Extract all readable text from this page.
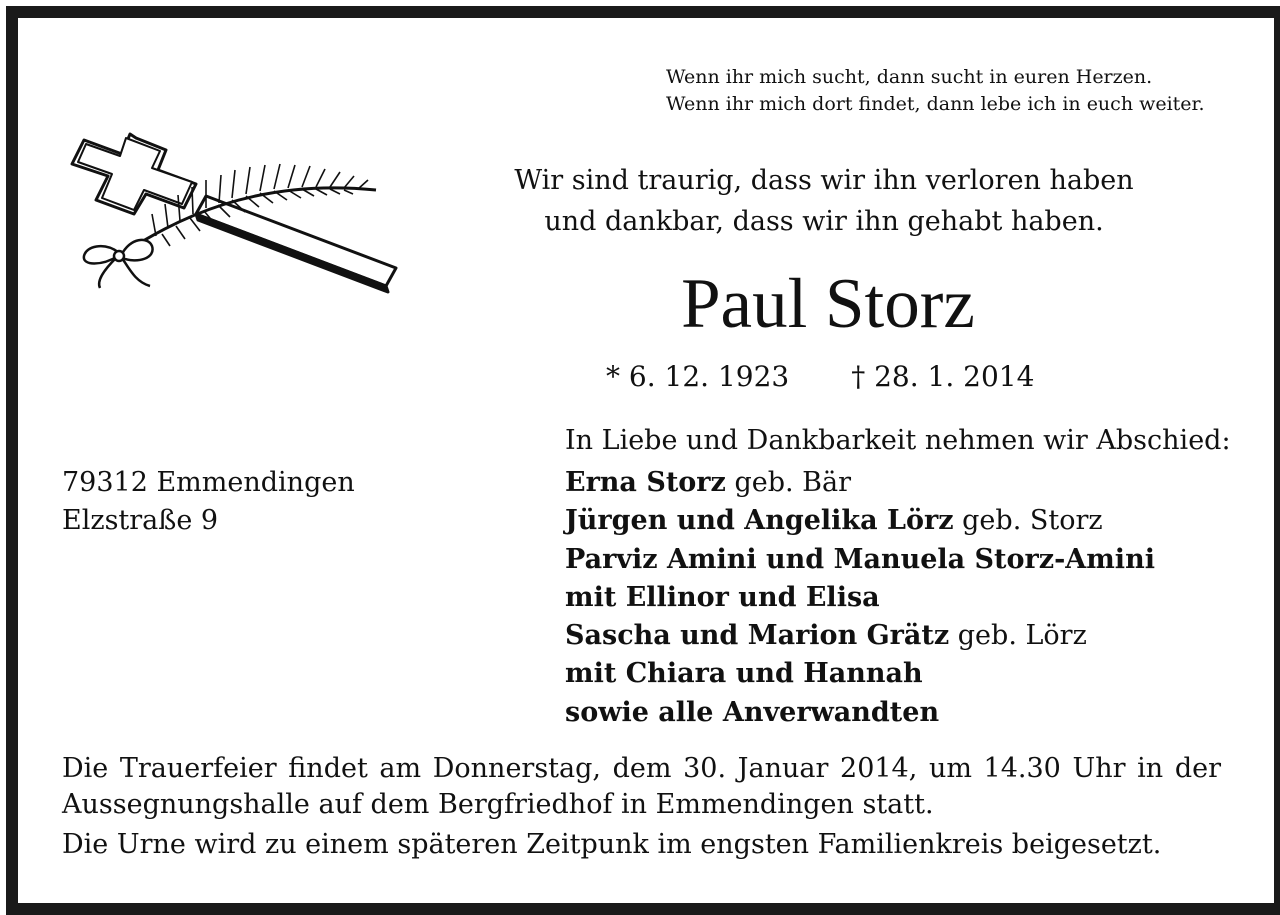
Wenn ihr mich sucht, dann sucht in euren Herzen.
Wenn ihr mich dort findet, dann lebe ich in euch weiter.
Wir sind traurig, dass wir ihn verloren haben
und dankbar, dass wir ihn gehabt haben.
Paul Storz
* 6. 12. 1923 † 28. 1. 2014
In Liebe und Dankbarkeit nehmen wir Abschied:
Erna Storz geb. Bär
Jürgen und Angelika Lörz geb. Storz
Parviz Amini und Manuela Storz-Amini
mit Ellinor und Elisa
Sascha und Marion Grätz geb. Lörz
mit Chiara und Hannah
sowie alle Anverwandten
79312 Emmendingen
Elzstraße 9
Die Trauerfeier findet am Donnerstag, dem 30. Januar 2014, um 14.30 Uhr in der Aussegnungshalle auf dem Bergfriedhof in Emmendingen statt.
Die Urne wird zu einem späteren Zeitpunk im engsten Familienkreis beigesetzt.
